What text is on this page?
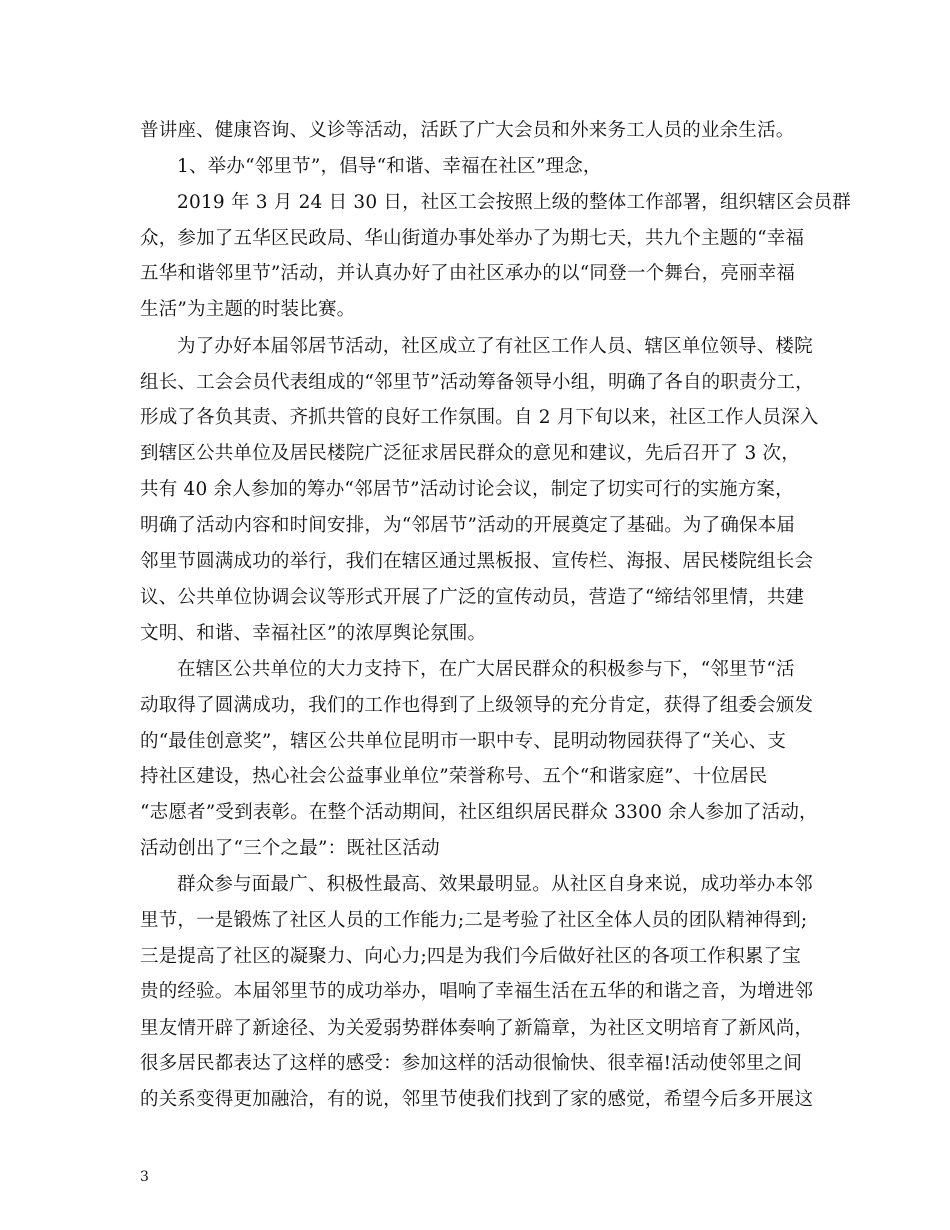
普讲座、健康咨询、义诊等活动，活跃了广大会员和外来务工人员的业余生活。
1、举办“邻里节”，倡导“和谐、幸福在社区”理念，
2019 年 3 月 24 日 30 日，社区工会按照上级的整体工作部署，组织辖区会员群
众，参加了五华区民政局、华山街道办事处举办了为期七天，共九个主题的“幸福
五华和谐邻里节”活动，并认真办好了由社区承办的以“同登一个舞台，亮丽幸福
生活”为主题的时装比赛。
为了办好本届邻居节活动，社区成立了有社区工作人员、辖区单位领导、楼院
组长、工会会员代表组成的“邻里节”活动筹备领导小组，明确了各自的职责分工，
形成了各负其责、齐抓共管的良好工作氛围。自 2 月下旬以来，社区工作人员深入
到辖区公共单位及居民楼院广泛征求居民群众的意见和建议，先后召开了 3 次，
共有 40 余人参加的筹办“邻居节”活动讨论会议，制定了切实可行的实施方案，
明确了活动内容和时间安排，为“邻居节”活动的开展奠定了基础。为了确保本届
邻里节圆满成功的举行，我们在辖区通过黑板报、宣传栏、海报、居民楼院组长会
议、公共单位协调会议等形式开展了广泛的宣传动员，营造了“缔结邻里情，共建
文明、和谐、幸福社区”的浓厚舆论氛围。
在辖区公共单位的大力支持下，在广大居民群众的积极参与下，“邻里节“活
动取得了圆满成功，我们的工作也得到了上级领导的充分肯定，获得了组委会颁发
的“最佳创意奖”，辖区公共单位昆明市一职中专、昆明动物园获得了“关心、支
持社区建设，热心社会公益事业单位”荣誉称号、五个“和谐家庭”、十位居民
“志愿者”受到表彰。在整个活动期间，社区组织居民群众 3300 余人参加了活动，
活动创出了“三个之最”：既社区活动
群众参与面最广、积极性最高、效果最明显。从社区自身来说，成功举办本邻
里节，一是锻炼了社区人员的工作能力;二是考验了社区全体人员的团队精神得到;
三是提高了社区的凝聚力、向心力;四是为我们今后做好社区的各项工作积累了宝
贵的经验。本届邻里节的成功举办，唱响了幸福生活在五华的和谐之音，为增进邻
里友情开辟了新途径、为关爱弱势群体奏响了新篇章，为社区文明培育了新风尚，
很多居民都表达了这样的感受：参加这样的活动很愉快、很幸福!活动使邻里之间
的关系变得更加融洽，有的说，邻里节使我们找到了家的感觉，希望今后多开展这
3
